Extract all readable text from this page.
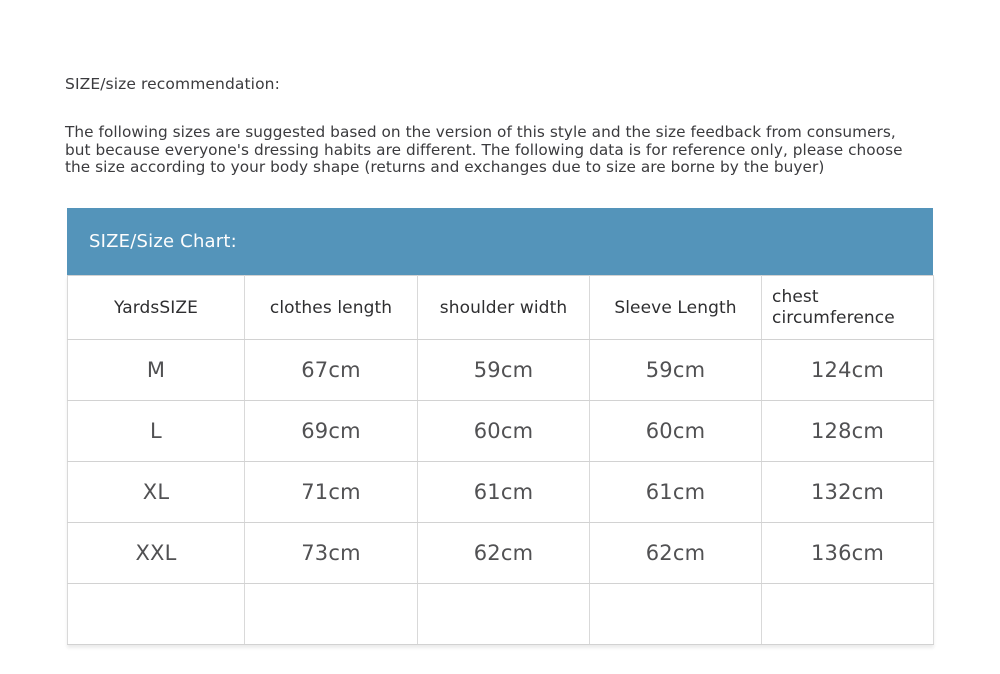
SIZE/size recommendation:
The following sizes are suggested based on the version of this style and the size feedback from consumers,
but because everyone's dressing habits are different. The following data is for reference only, please choose
the size according to your body shape (returns and exchanges due to size are borne by the buyer)
SIZE/Size Chart:
YardsSIZE	clothes length	shoulder width	Sleeve Length	chest circumference
M	67cm	59cm	59cm	124cm
L	69cm	60cm	60cm	128cm
XL	71cm	61cm	61cm	132cm
XXL	73cm	62cm	62cm	136cm
